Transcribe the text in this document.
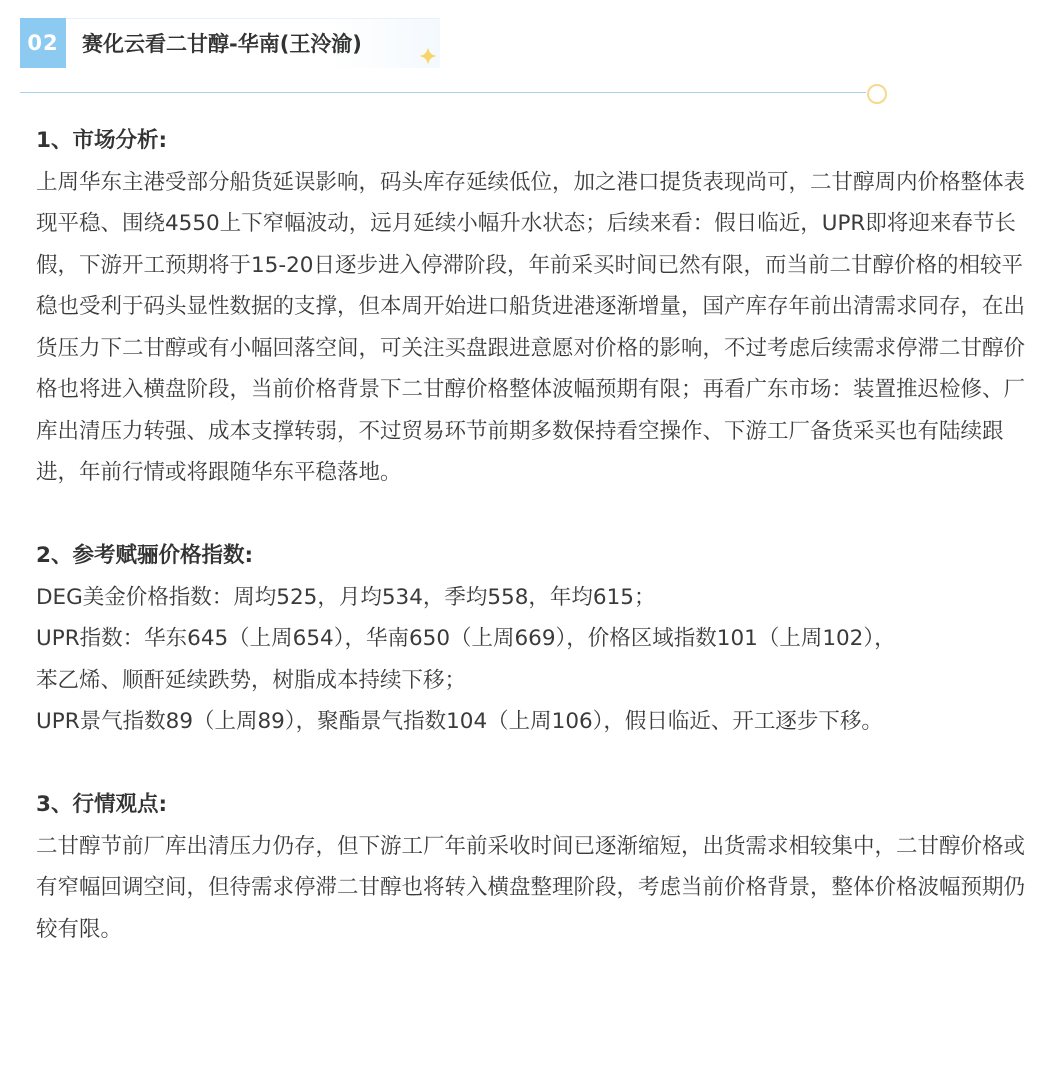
02	赛化云看二甘醇-华南(王泠渝)
1、市场分析:

上周华东主港受部分船货延误影响，码头库存延续低位，加之港口提货表现尚可，二甘醇周内价格整体表现平稳、围绕4550上下窄幅波动，远月延续小幅升水状态；后续来看：假日临近，UPR即将迎来春节长假，下游开工预期将于15-20日逐步进入停滞阶段，年前采买时间已然有限，而当前二甘醇价格的相较平稳也受利于码头显性数据的支撑，但本周开始进口船货进港逐渐增量，国产库存年前出清需求同存，在出货压力下二甘醇或有小幅回落空间，可关注买盘跟进意愿对价格的影响，不过考虑后续需求停滞二甘醇价格也将进入横盘阶段，当前价格背景下二甘醇价格整体波幅预期有限；再看广东市场：装置推迟检修、厂库出清压力转强、成本支撑转弱，不过贸易环节前期多数保持看空操作、下游工厂备货采买也有陆续跟进，年前行情或将跟随华东平稳落地。

2、参考赋骊价格指数:
DEG美金价格指数：周均525，月均534，季均558，年均615；
UPR指数：华东645（上周654），华南650（上周669），价格区域指数101（上周102），
苯乙烯、顺酐延续跌势，树脂成本持续下移；
UPR景气指数89（上周89），聚酯景气指数104（上周106），假日临近、开工逐步下移。
3、行情观点:

二甘醇节前厂库出清压力仍存，但下游工厂年前采收时间已逐渐缩短，出货需求相较集中，二甘醇价格或有窄幅回调空间，但待需求停滞二甘醇也将转入横盘整理阶段，考虑当前价格背景，整体价格波幅预期仍较有限。
